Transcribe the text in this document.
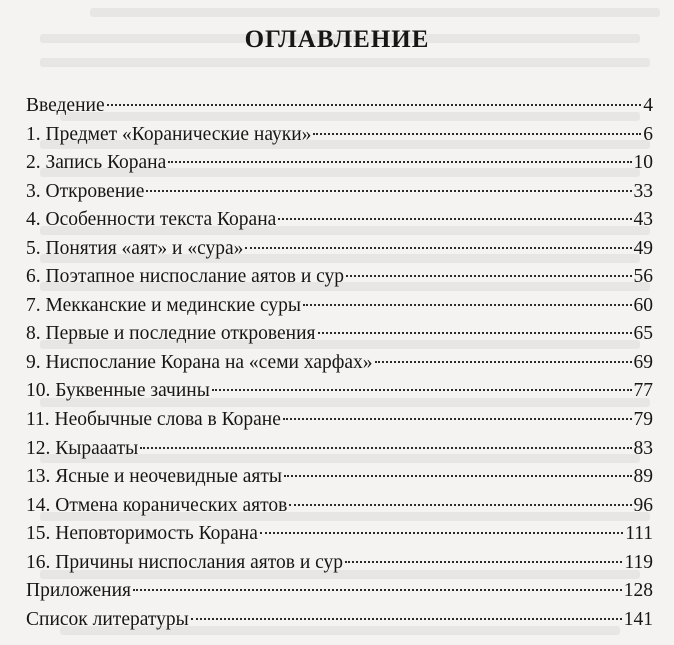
ОГЛАВЛЕНИЕ
Введение	4
1. Предмет «Коранические науки»	6
2. Запись Корана	10
3. Откровение	33
4. Особенности текста Корана	43
5. Понятия «аят» и «сура»	49
6. Поэтапное ниспослание аятов и сур	56
7. Мекканские и мединские суры	60
8. Первые и последние откровения	65
9. Ниспослание Корана на «семи харфах»	69
10. Буквенные зачины	77
11. Необычные слова в Коране	79
12. Кыраааты	83
13. Ясные и неочевидные аяты	89
14. Отмена коранических аятов	96
15. Неповторимость Корана	111
16. Причины ниспослания аятов и сур	119
Приложения	128
Список литературы	141
